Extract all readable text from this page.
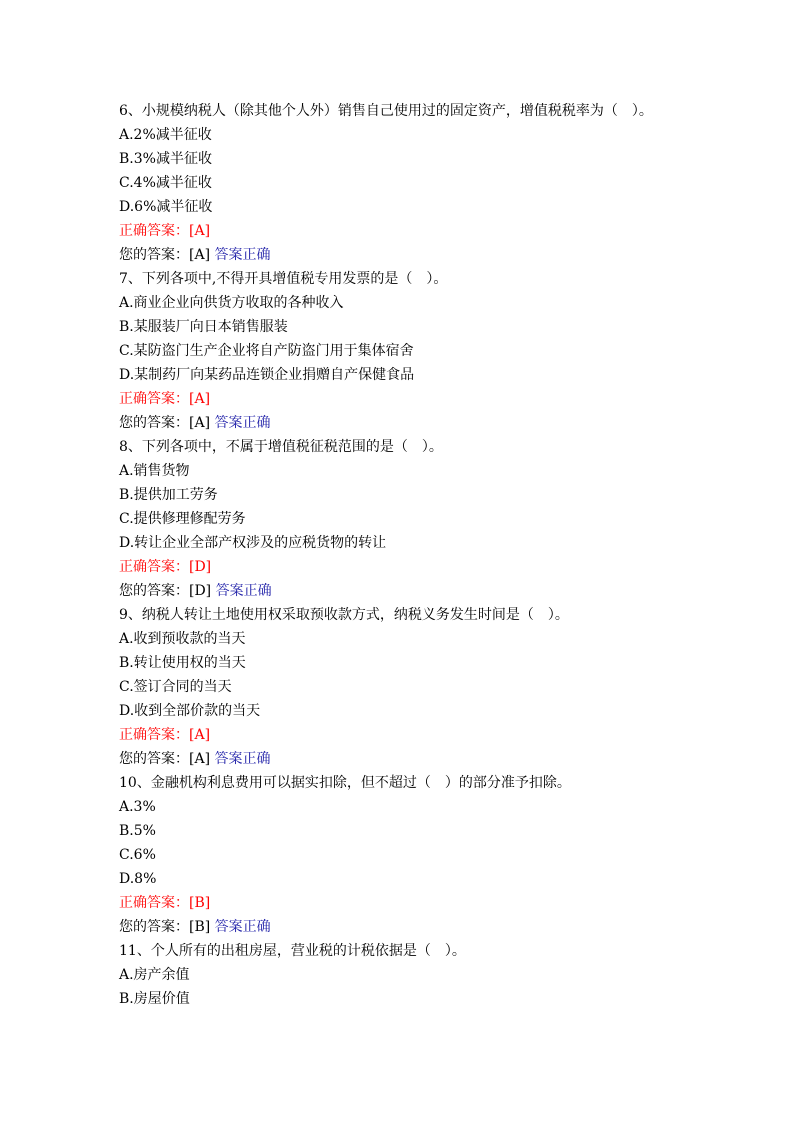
6、小规模纳税人（除其他个人外）销售自己使用过的固定资产，增值税税率为（　）。
A.2%减半征收
B.3%减半征收
C.4%减半征收
D.6%减半征收
正确答案：[A]
您的答案：[A] 答案正确
7、下列各项中,不得开具增值税专用发票的是（　）。
A.商业企业向供货方收取的各种收入
B.某服装厂向日本销售服装
C.某防盗门生产企业将自产防盗门用于集体宿舍
D.某制药厂向某药品连锁企业捐赠自产保健食品
正确答案：[A]
您的答案：[A] 答案正确
8、下列各项中，不属于增值税征税范围的是（　）。
A.销售货物
B.提供加工劳务
C.提供修理修配劳务
D.转让企业全部产权涉及的应税货物的转让
正确答案：[D]
您的答案：[D] 答案正确
9、纳税人转让土地使用权采取预收款方式，纳税义务发生时间是（　）。
A.收到预收款的当天
B.转让使用权的当天
C.签订合同的当天
D.收到全部价款的当天
正确答案：[A]
您的答案：[A] 答案正确
10、金融机构利息费用可以据实扣除，但不超过（　）的部分准予扣除。
A.3%
B.5%
C.6%
D.8%
正确答案：[B]
您的答案：[B] 答案正确
11、个人所有的出租房屋，营业税的计税依据是（　）。
A.房产余值
B.房屋价值
